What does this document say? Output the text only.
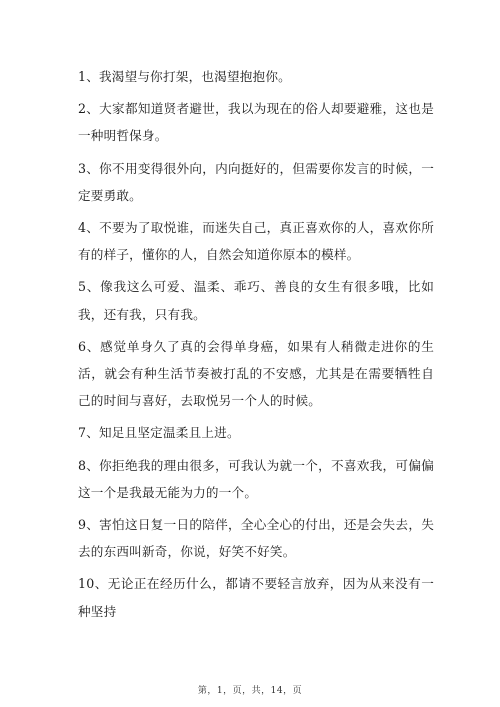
1、我渴望与你打架，也渴望抱抱你。

2、大家都知道贤者避世，我以为现在的俗人却要避雅，这也是一种明哲保身。

3、你不用变得很外向，内向挺好的，但需要你发言的时候，一定要勇敢。

4、不要为了取悦谁，而迷失自己，真正喜欢你的人，喜欢你所有的样子，懂你的人，自然会知道你原本的模样。

5、像我这么可爱、温柔、乖巧、善良的女生有很多哦，比如我，还有我，只有我。

6、感觉单身久了真的会得单身癌，如果有人稍微走进你的生活，就会有种生活节奏被打乱的不安感，尤其是在需要牺牲自己的时间与喜好，去取悦另一个人的时候。

7、知足且坚定温柔且上进。

8、你拒绝我的理由很多，可我认为就一个，不喜欢我，可偏偏这一个是我最无能为力的一个。

9、害怕这日复一日的陪伴，全心全心的付出，还是会失去，失去的东西叫新奇，你说，好笑不好笑。

10、无论正在经历什么，都请不要轻言放弃，因为从来没有一种坚持

第，1，页，共，14，页
